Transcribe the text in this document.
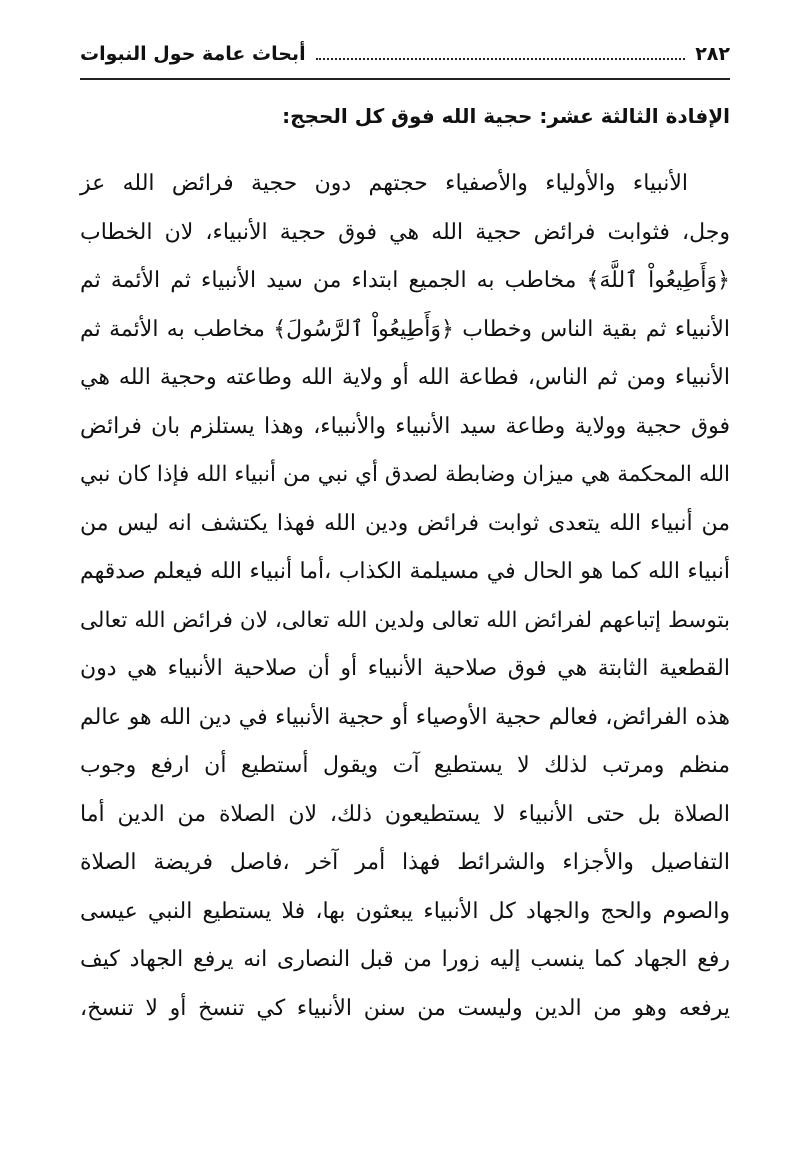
٢٨٢
أبحاث عامة حول النبوات
الإفادة الثالثة عشر: حجية الله فوق كل الحجج:
الأنبياء والأولياء والأصفياء حجتهم دون حجية فرائض الله عز
وجل، فثوابت فرائض حجية الله هي فوق حجية الأنبياء، لان الخطاب
﴿وَأَطِيعُواْ ٱللَّهَ﴾ مخاطب به الجميع ابتداء من سيد الأنبياء ثم الأئمة ثم
الأنبياء ثم بقية الناس وخطاب ﴿وَأَطِيعُواْ ٱلرَّسُولَ﴾ مخاطب به الأئمة ثم
الأنبياء ومن ثم الناس، فطاعة الله أو ولاية الله وطاعته وحجية الله هي
فوق حجية وولاية وطاعة سيد الأنبياء والأنبياء، وهذا يستلزم بان فرائض
الله المحكمة هي ميزان وضابطة لصدق أي نبي من أنبياء الله فإذا كان نبي
من أنبياء الله يتعدى ثوابت فرائض ودين الله فهذا يكتشف انه ليس من
أنبياء الله كما هو الحال في مسيلمة الكذاب ،أما أنبياء الله فيعلم صدقهم
بتوسط إتباعهم لفرائض الله تعالى ولدين الله تعالى، لان فرائض الله تعالى
القطعية الثابتة هي فوق صلاحية الأنبياء أو أن صلاحية الأنبياء هي دون
هذه الفرائض، فعالم حجية الأوصياء أو حجية الأنبياء في دين الله هو عالم
منظم ومرتب لذلك لا يستطيع آت ويقول أستطيع أن ارفع وجوب
الصلاة بل حتى الأنبياء لا يستطيعون ذلك، لان الصلاة من الدين أما
التفاصيل والأجزاء والشرائط فهذا أمر آخر ،فاصل فريضة الصلاة
والصوم والحج والجهاد كل الأنبياء يبعثون بها، فلا يستطيع النبي عيسى
رفع الجهاد كما ينسب إليه زورا من قبل النصارى انه يرفع الجهاد كيف
يرفعه وهو من الدين وليست من سنن الأنبياء كي تنسخ أو لا تنسخ،
